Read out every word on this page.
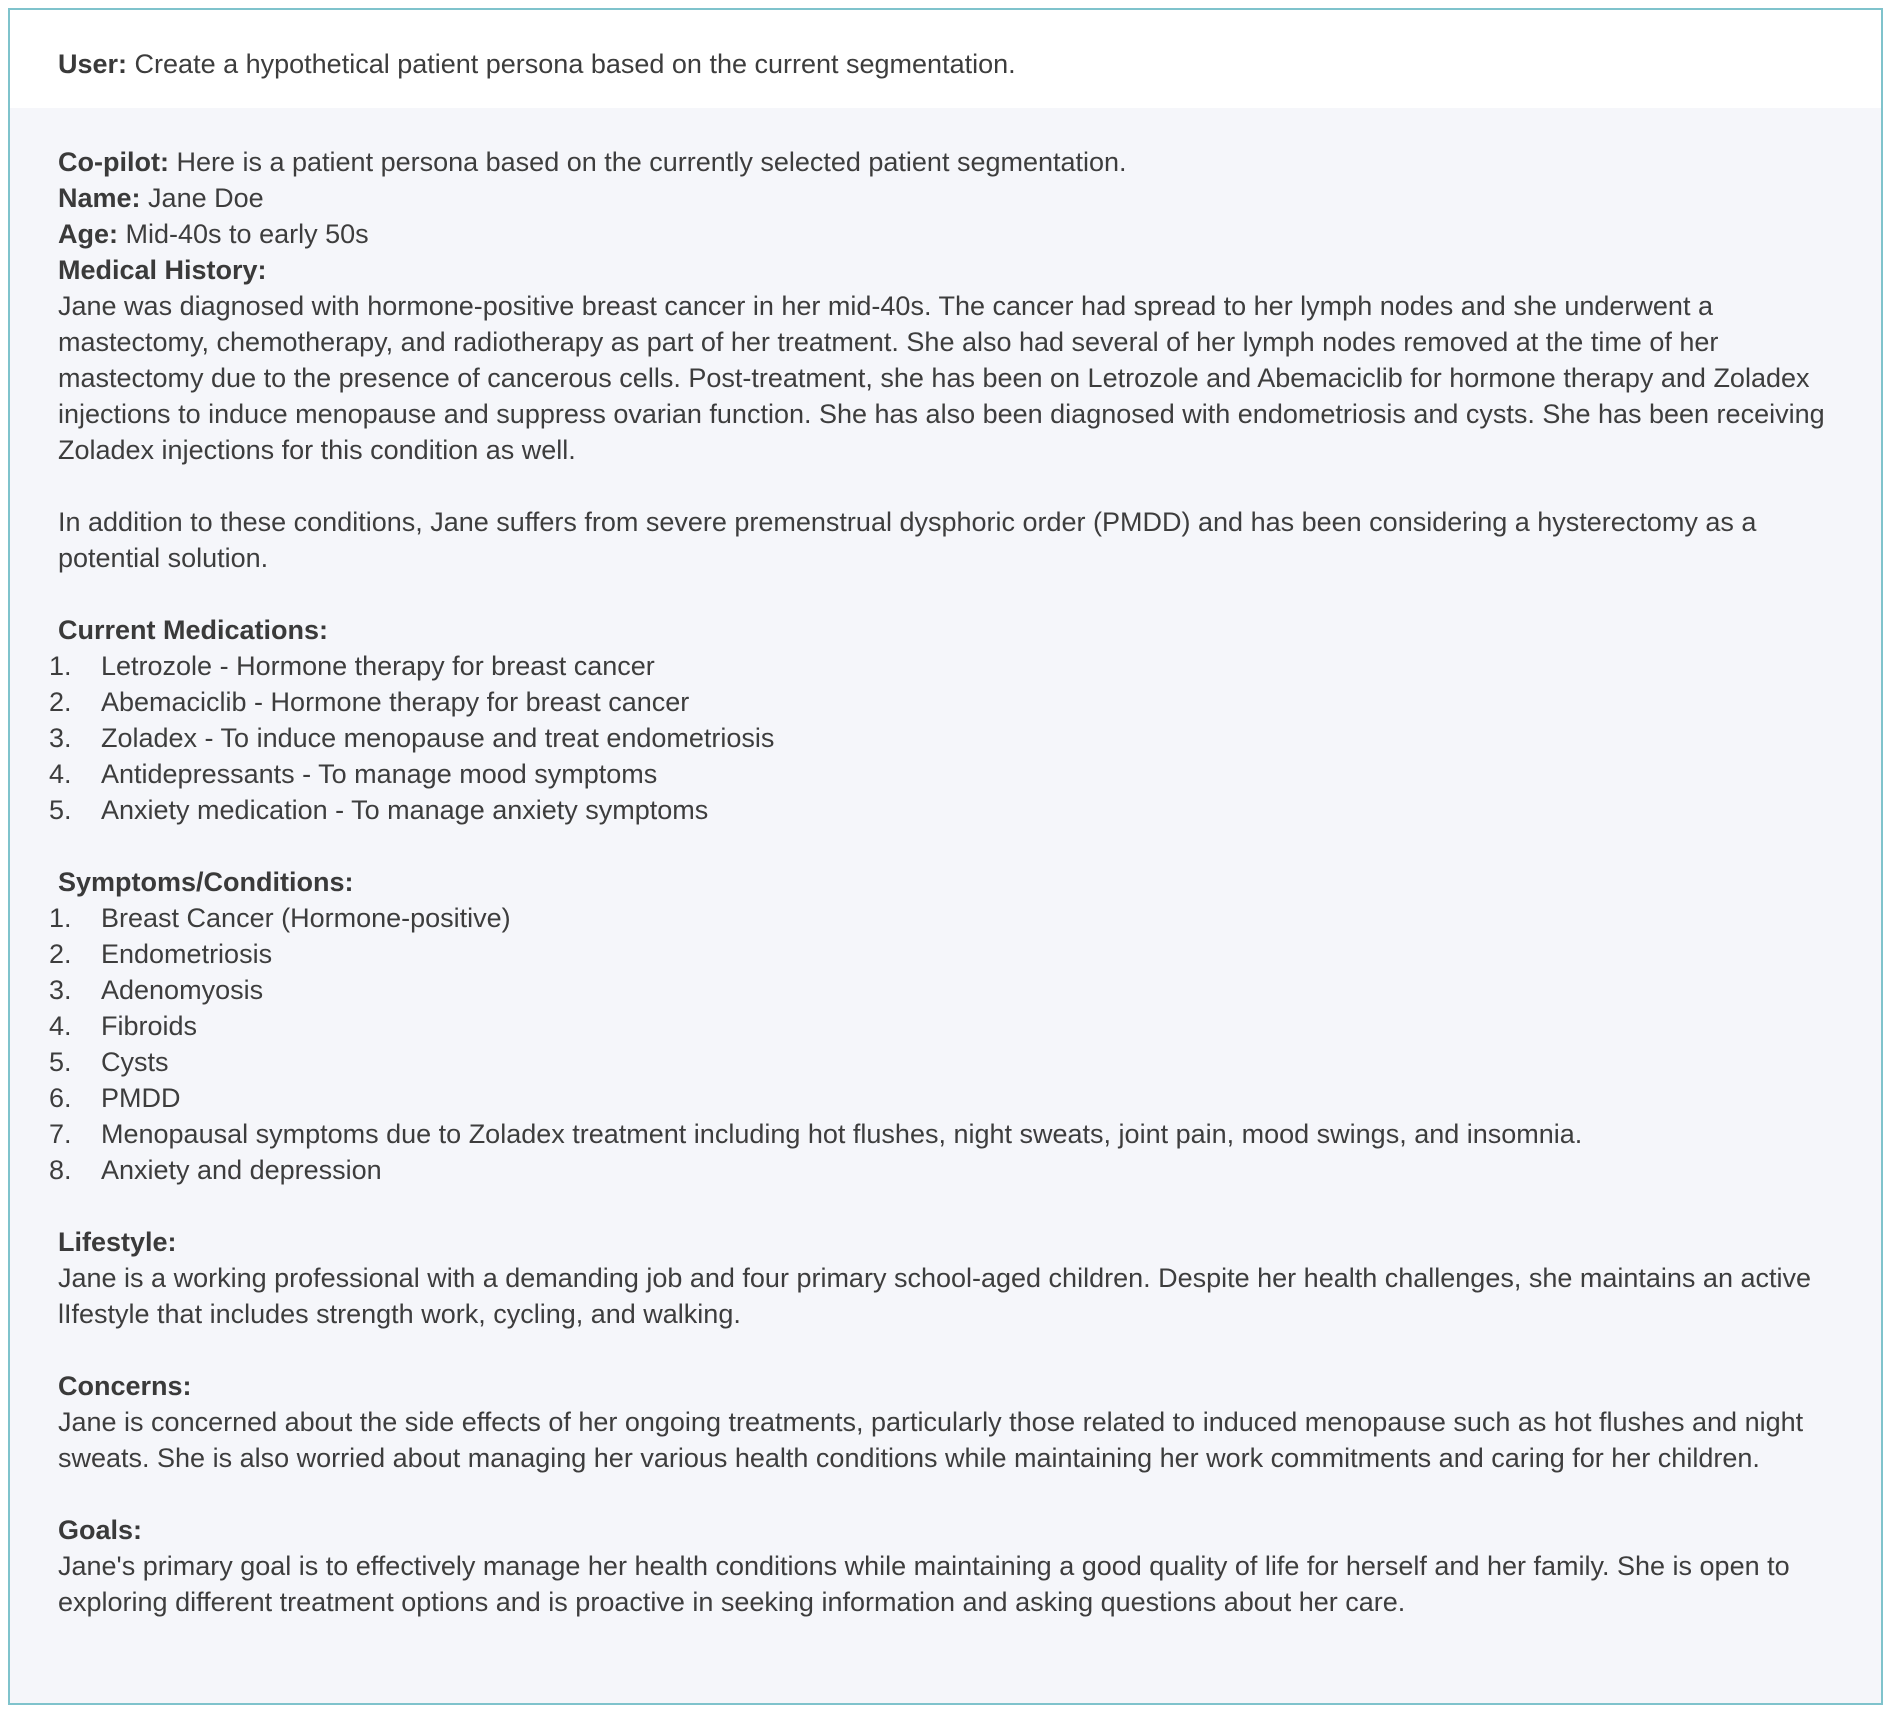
User: Create a hypothetical patient persona based on the current segmentation.
Co-pilot: Here is a patient persona based on the currently selected patient segmentation.
Name: Jane Doe
Age: Mid-40s to early 50s
Medical History:

Jane was diagnosed with hormone-positive breast cancer in her mid-40s. The cancer had spread to her lymph nodes and she underwent a mastectomy, chemotherapy, and radiotherapy as part of her treatment. She also had several of her lymph nodes removed at the time of her mastectomy due to the presence of cancerous cells. Post-treatment, she has been on Letrozole and Abemaciclib for hormone therapy and Zoladex injections to induce menopause and suppress ovarian function. She has also been diagnosed with endometriosis and cysts. She has been receiving Zoladex injections for this condition as well.

In addition to these conditions, Jane suffers from severe premenstrual dysphoric order (PMDD) and has been considering a hysterectomy as a potential solution.

Current Medications:
1.	Letrozole - Hormone therapy for breast cancer
2.	Abemaciclib - Hormone therapy for breast cancer
3.	Zoladex - To induce menopause and treat endometriosis
4.	Antidepressants - To manage mood symptoms
5.	Anxiety medication - To manage anxiety symptoms
Symptoms/Conditions:
1.	Breast Cancer (Hormone-positive)
2.	Endometriosis
3.	Adenomyosis
4.	Fibroids
5.	Cysts
6.	PMDD
7.	Menopausal symptoms due to Zoladex treatment including hot flushes, night sweats, joint pain, mood swings, and insomnia.
8.	Anxiety and depression
Lifestyle:

Jane is a working professional with a demanding job and four primary school-aged children. Despite her health challenges, she maintains an active lIfestyle that includes strength work, cycling, and walking.

Concerns:

Jane is concerned about the side effects of her ongoing treatments, particularly those related to induced menopause such as hot flushes and night sweats. She is also worried about managing her various health conditions while maintaining her work commitments and caring for her children.

Goals:

Jane's primary goal is to effectively manage her health conditions while maintaining a good quality of life for herself and her family. She is open to exploring different treatment options and is proactive in seeking information and asking questions about her care.
